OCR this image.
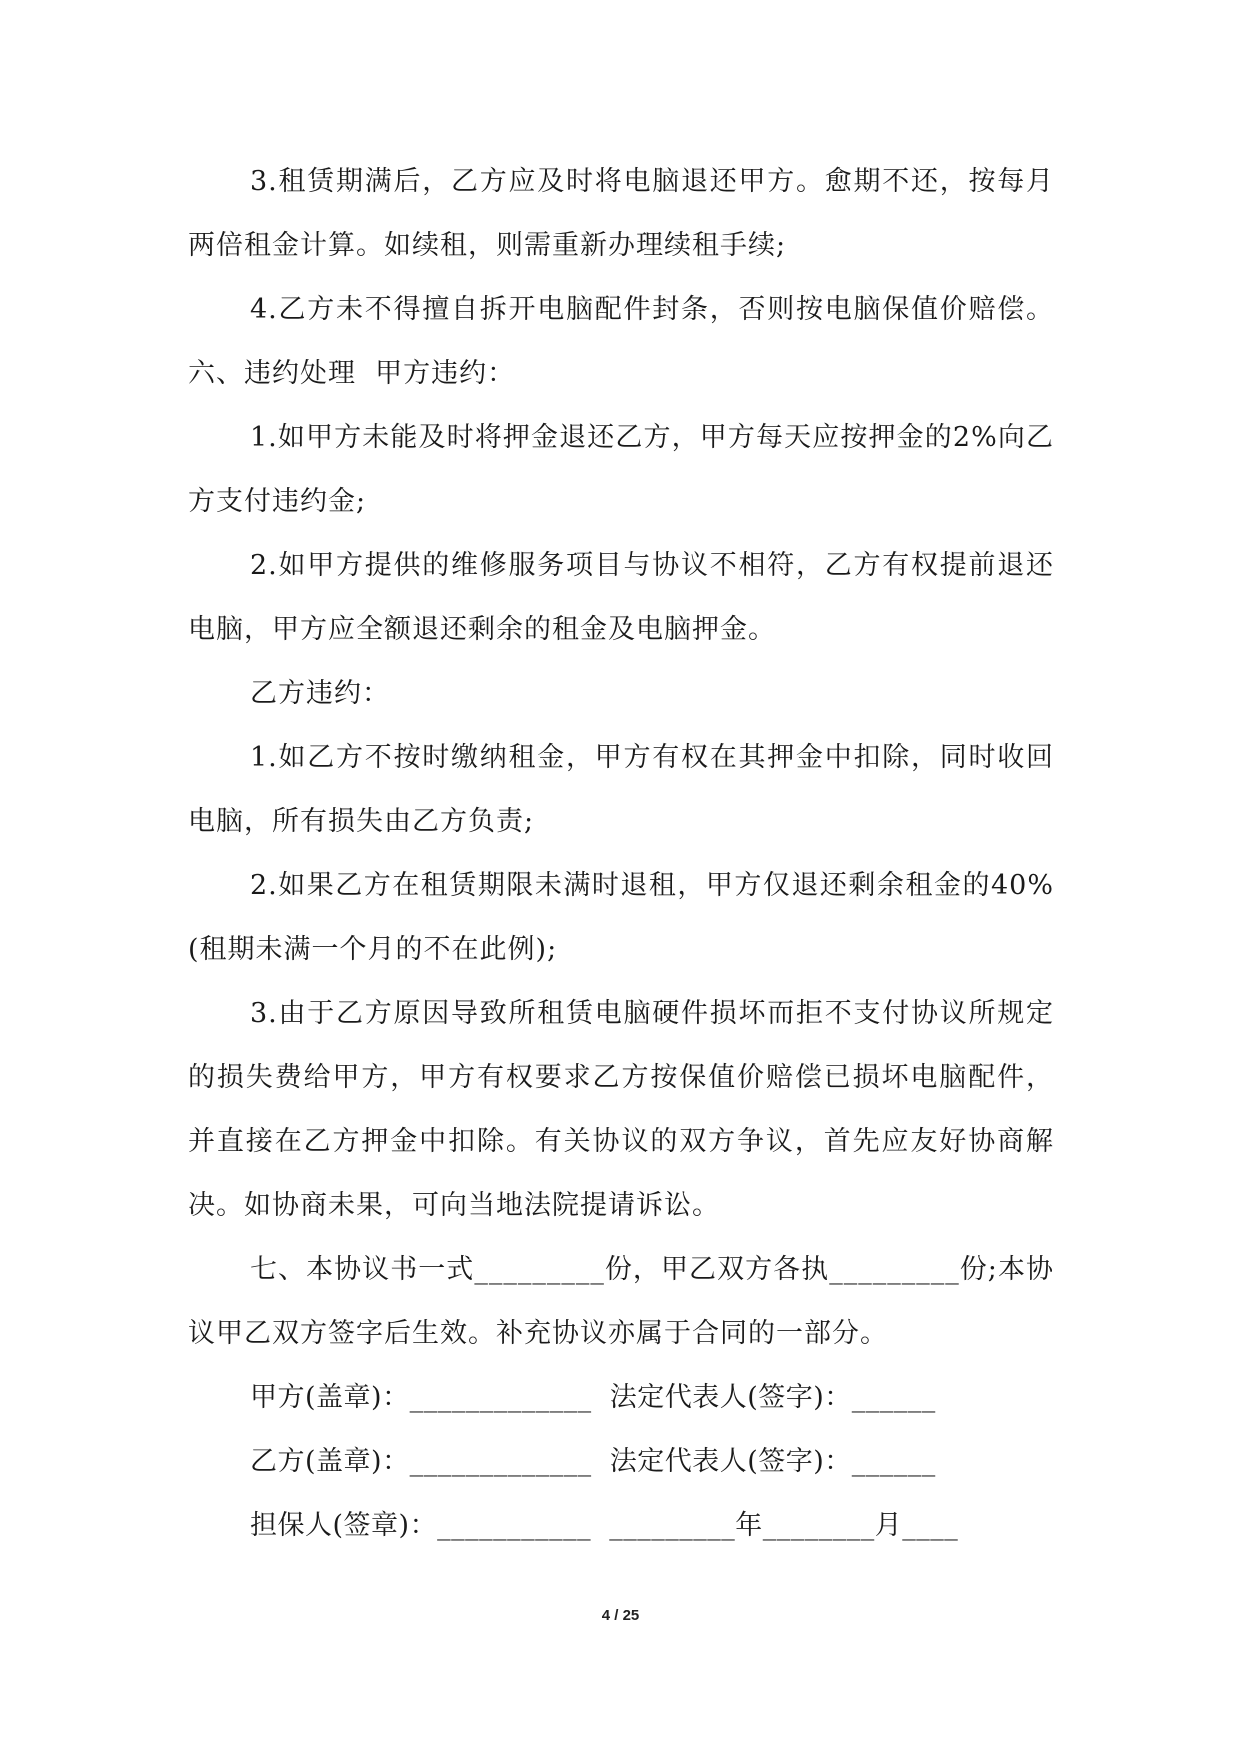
3.租赁期满后，乙方应及时将电脑退还甲方。愈期不还，按每月两倍租金计算。如续租，则需重新办理续租手续;

4.乙方未不得擅自拆开电脑配件封条，否则按电脑保值价赔偿。  六、违约处理  甲方违约：

1.如甲方未能及时将押金退还乙方，甲方每天应按押金的2%向乙方支付违约金;

2.如甲方提供的维修服务项目与协议不相符，乙方有权提前退还电脑，甲方应全额退还剩余的租金及电脑押金。

乙方违约：

1.如乙方不按时缴纳租金，甲方有权在其押金中扣除，同时收回电脑，所有损失由乙方负责;

2.如果乙方在租赁期限未满时退租，甲方仅退还剩余租金的40%(租期未满一个月的不在此例);

3.由于乙方原因导致所租赁电脑硬件损坏而拒不支付协议所规定的损失费给甲方，甲方有权要求乙方按保值价赔偿已损坏电脑配件，并直接在乙方押金中扣除。有关协议的双方争议，首先应友好协商解决。如协商未果，可向当地法院提请诉讼。

七、本协议书一式_________份，甲乙双方各执_________份;本协议甲乙双方签字后生效。补充协议亦属于合同的一部分。

甲方(盖章)：_____________  法定代表人(签字)：______

乙方(盖章)：_____________  法定代表人(签字)：______

担保人(签章)：___________  _________年________月____

4 / 25
